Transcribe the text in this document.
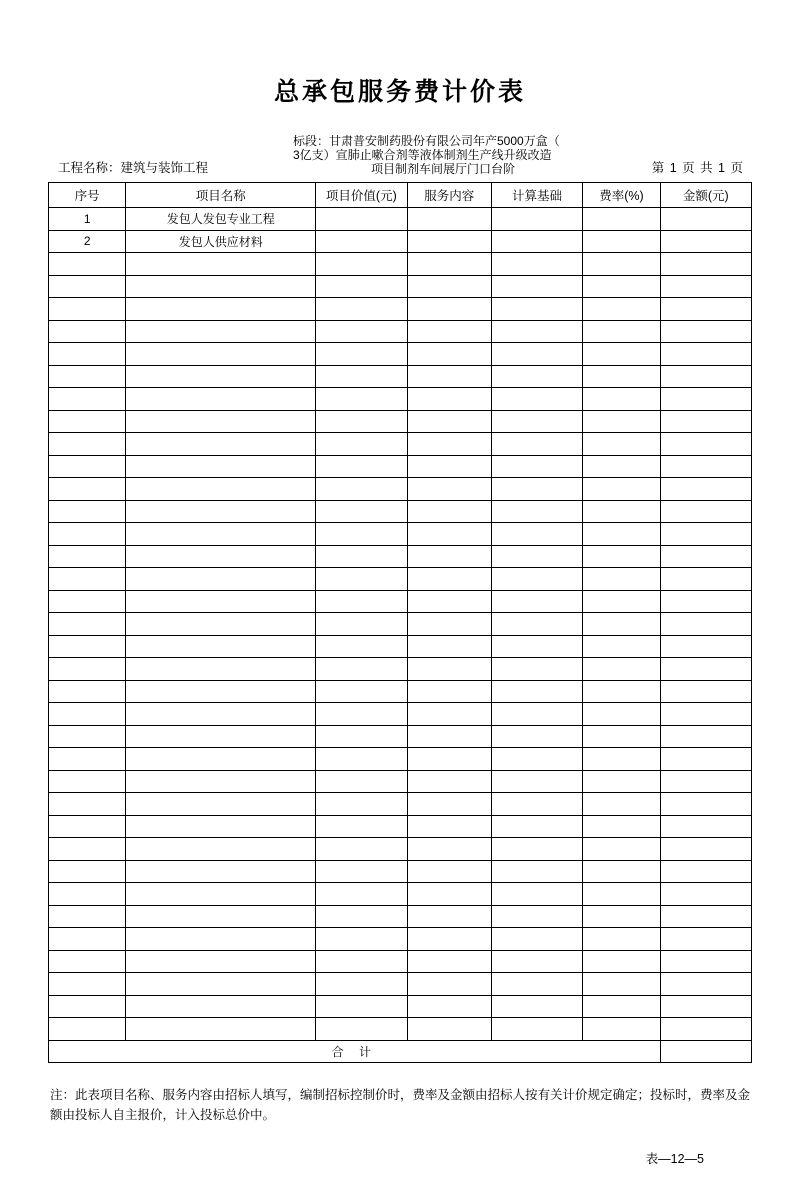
总承包服务费计价表
工程名称：建筑与装饰工程
标段：甘肃普安制药股份有限公司年产5000万盒（
3亿支）宣肺止嗽合剂等液体制剂生产线升级改造
项目制剂车间展厅门口台阶	第 1 页 共 1 页
序号	项目名称	项目价值(元)	服务内容	计算基础	费率(%)	金额(元)
1	发包人发包专业工程					
2	发包人供应材料					

合 计						
注：此表项目名称、服务内容由招标人填写，编制招标控制价时，费率及金额由招标人按有关计价规定确定；投标时，费率及金额由投标人自主报价，计入投标总价中。
表—12—5
